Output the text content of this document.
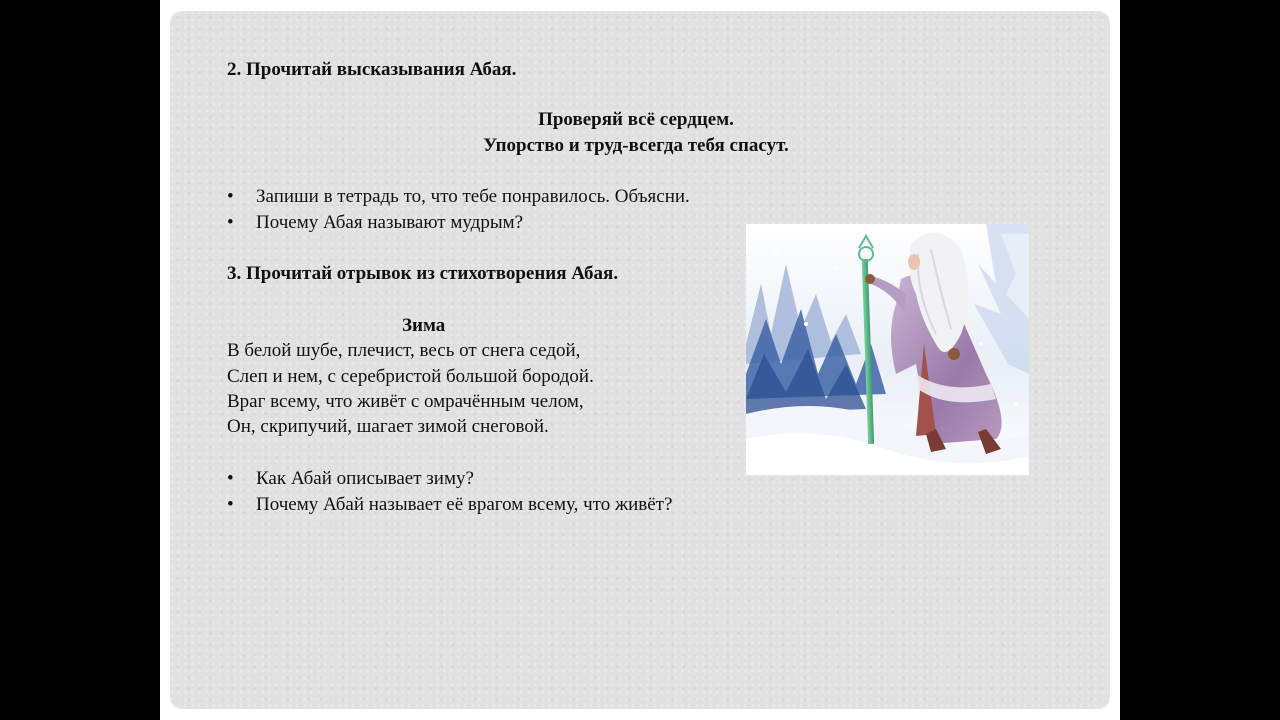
2. Прочитай высказывания Абая.
Проверяй всё сердцем.
Упорство и труд-всегда тебя спасут.
• Запиши в тетрадь то, что тебе понравилось. Объясни.
• Почему Абая называют мудрым?
3. Прочитай отрывок из стихотворения Абая.
Зима
В белой шубе, плечист, весь от снега седой,
Слеп и нем, с серебристой большой бородой.
Враг всему, что живёт с омрачённым челом,
Он, скрипучий, шагает зимой снеговой.
• Как Абай описывает зиму?
• Почему Абай называет её врагом всему, что живёт?
